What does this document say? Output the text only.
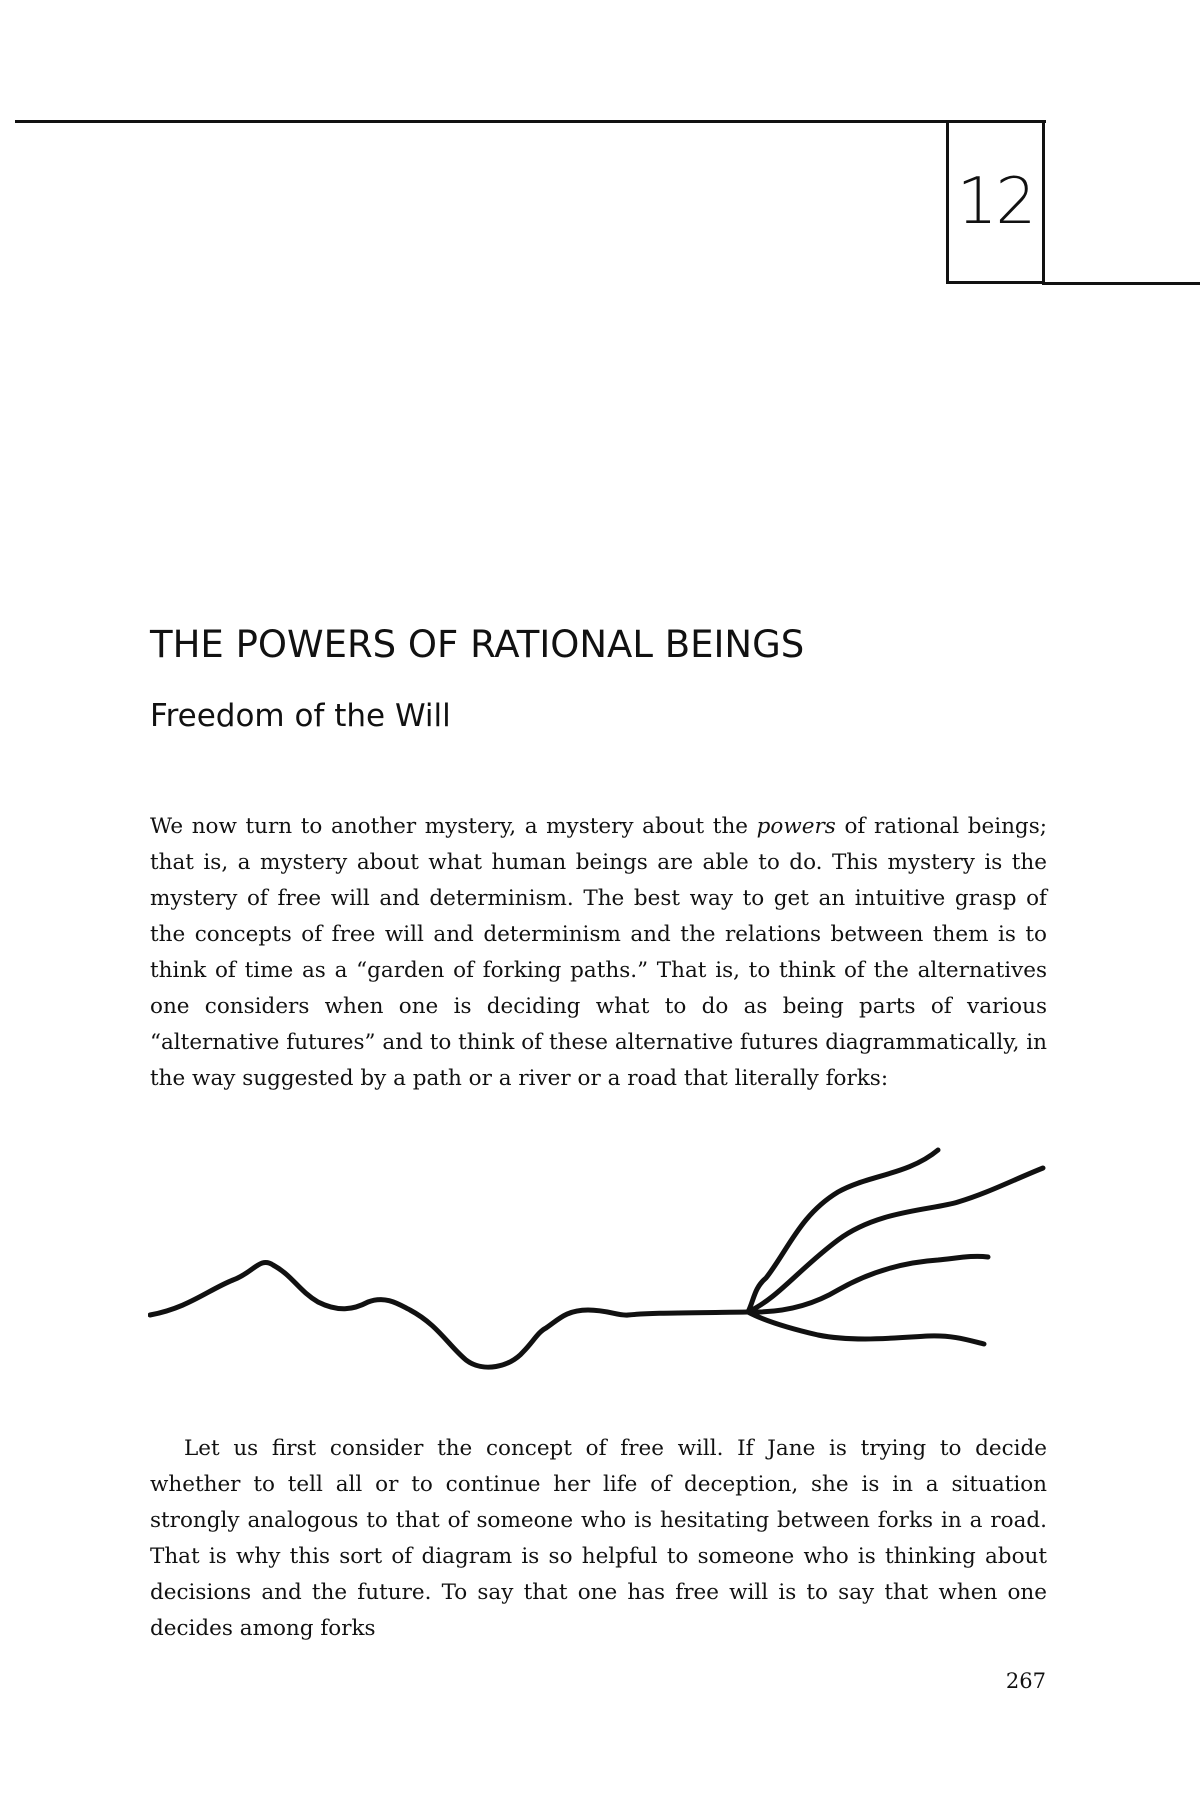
12
THE POWERS OF RATIONAL BEINGS
Freedom of the Will

We now turn to another mystery, a mystery about the powers of rational beings; that is, a mystery about what human beings are able to do. This mystery is the mystery of free will and determinism. The best way to get an intuitive grasp of the concepts of free will and determinism and the relations between them is to think of time as a “garden of forking paths.” That is, to think of the alternatives one considers when one is deciding what to do as being parts of various “alternative futures” and to think of these alternative futures diagrammatically, in the way suggested by a path or a river or a road that literally forks:

Let us first consider the concept of free will. If Jane is trying to decide whether to tell all or to continue her life of deception, she is in a situation strongly analogous to that of someone who is hesitating between forks in a road. That is why this sort of diagram is so helpful to someone who is thinking about decisions and the future. To say that one has free will is to say that when one decides among forks

267
